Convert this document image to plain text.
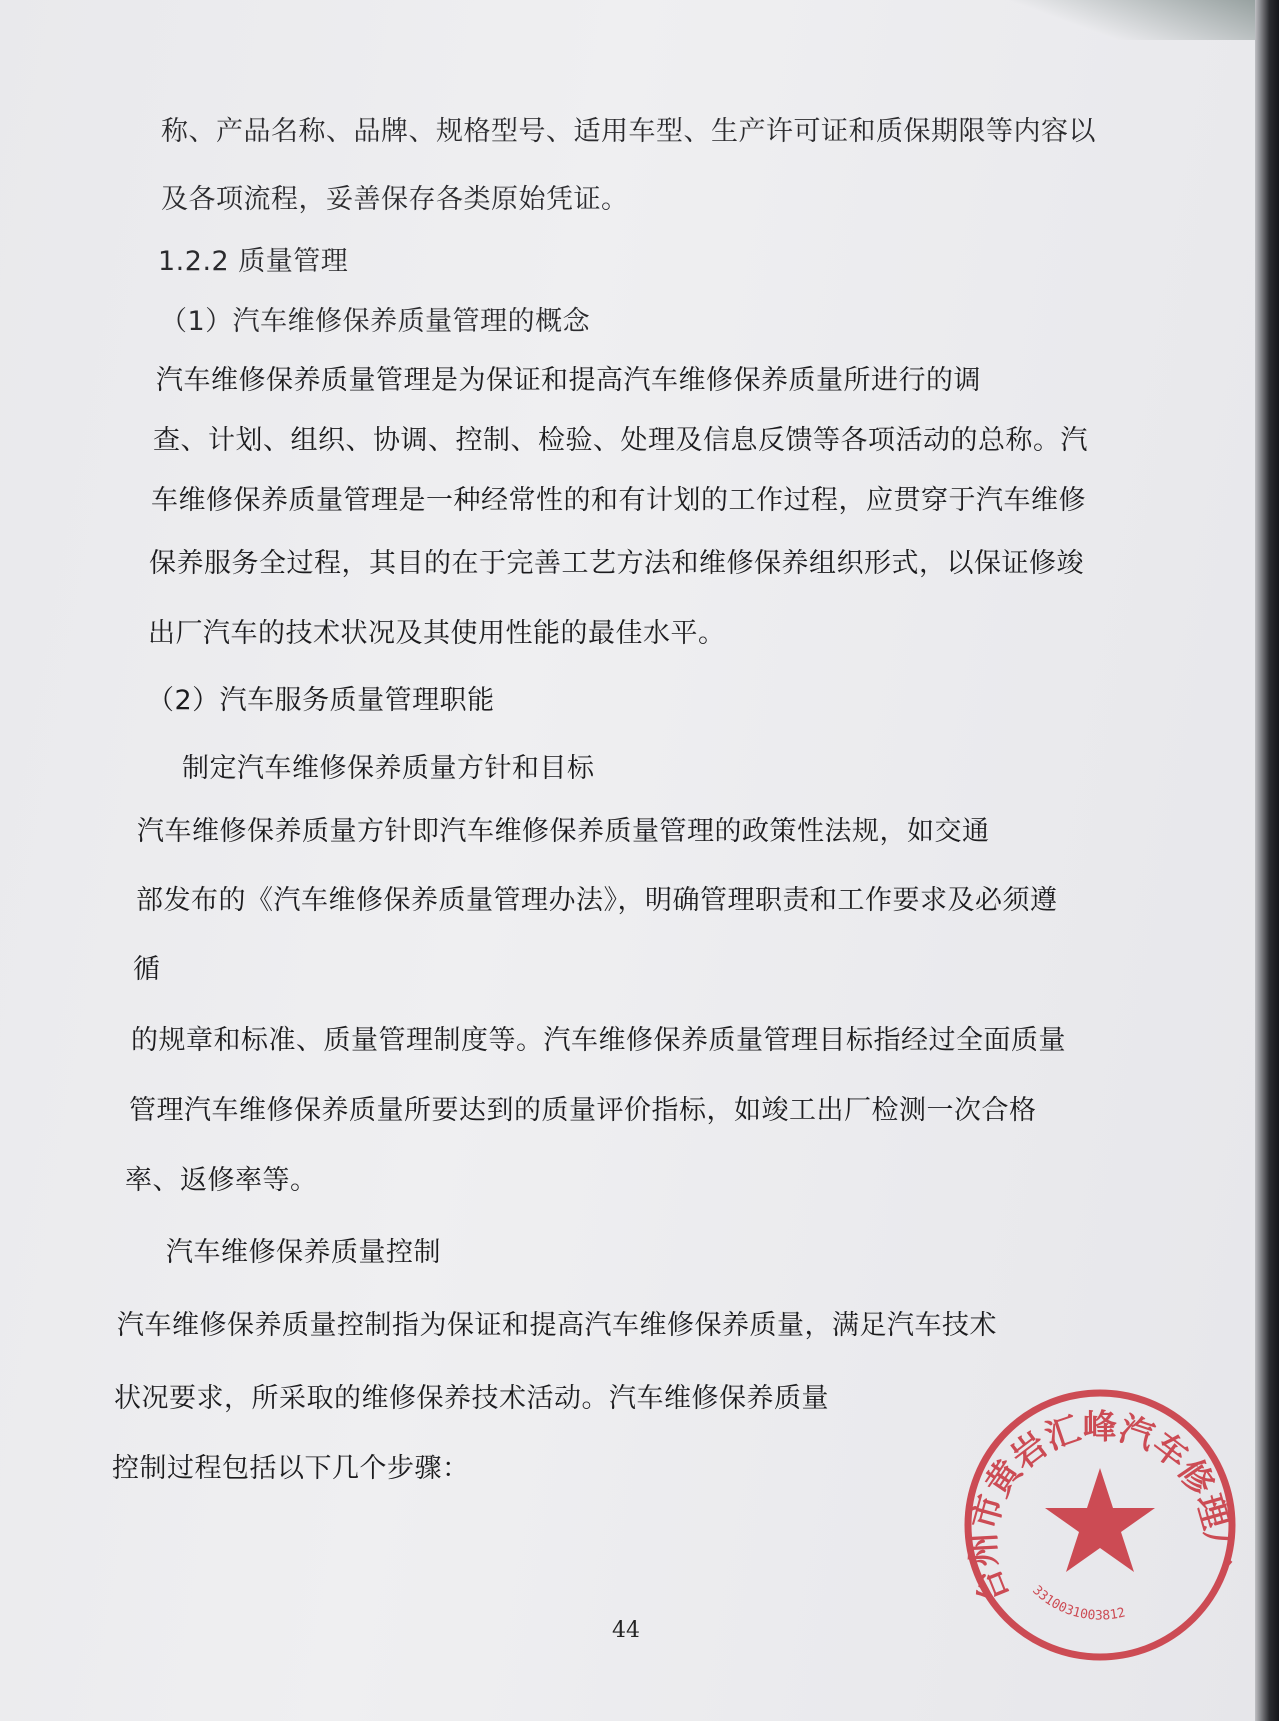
称、产品名称、品牌、规格型号、适用车型、生产许可证和质保期限等内容以
及各项流程，妥善保存各类原始凭证。
1.2.2 质量管理
（1）汽车维修保养质量管理的概念
汽车维修保养质量管理是为保证和提高汽车维修保养质量所进行的调
查、计划、组织、协调、控制、检验、处理及信息反馈等各项活动的总称。汽
车维修保养质量管理是一种经常性的和有计划的工作过程，应贯穿于汽车维修
保养服务全过程，其目的在于完善工艺方法和维修保养组织形式，以保证修竣
出厂汽车的技术状况及其使用性能的最佳水平。
（2）汽车服务质量管理职能
制定汽车维修保养质量方针和目标
汽车维修保养质量方针即汽车维修保养质量管理的政策性法规，如交通
部发布的《汽车维修保养质量管理办法》，明确管理职责和工作要求及必须遵
循
的规章和标准、质量管理制度等。汽车维修保养质量管理目标指经过全面质量
管理汽车维修保养质量所要达到的质量评价指标，如竣工出厂检测一次合格
率、返修率等。
汽车维修保养质量控制
汽车维修保养质量控制指为保证和提高汽车维修保养质量，满足汽车技术
状况要求，所采取的维修保养技术活动。汽车维修保养质量
控制过程包括以下几个步骤：
44
台州市黄岩汇峰汽车修理厂
3310031003812
